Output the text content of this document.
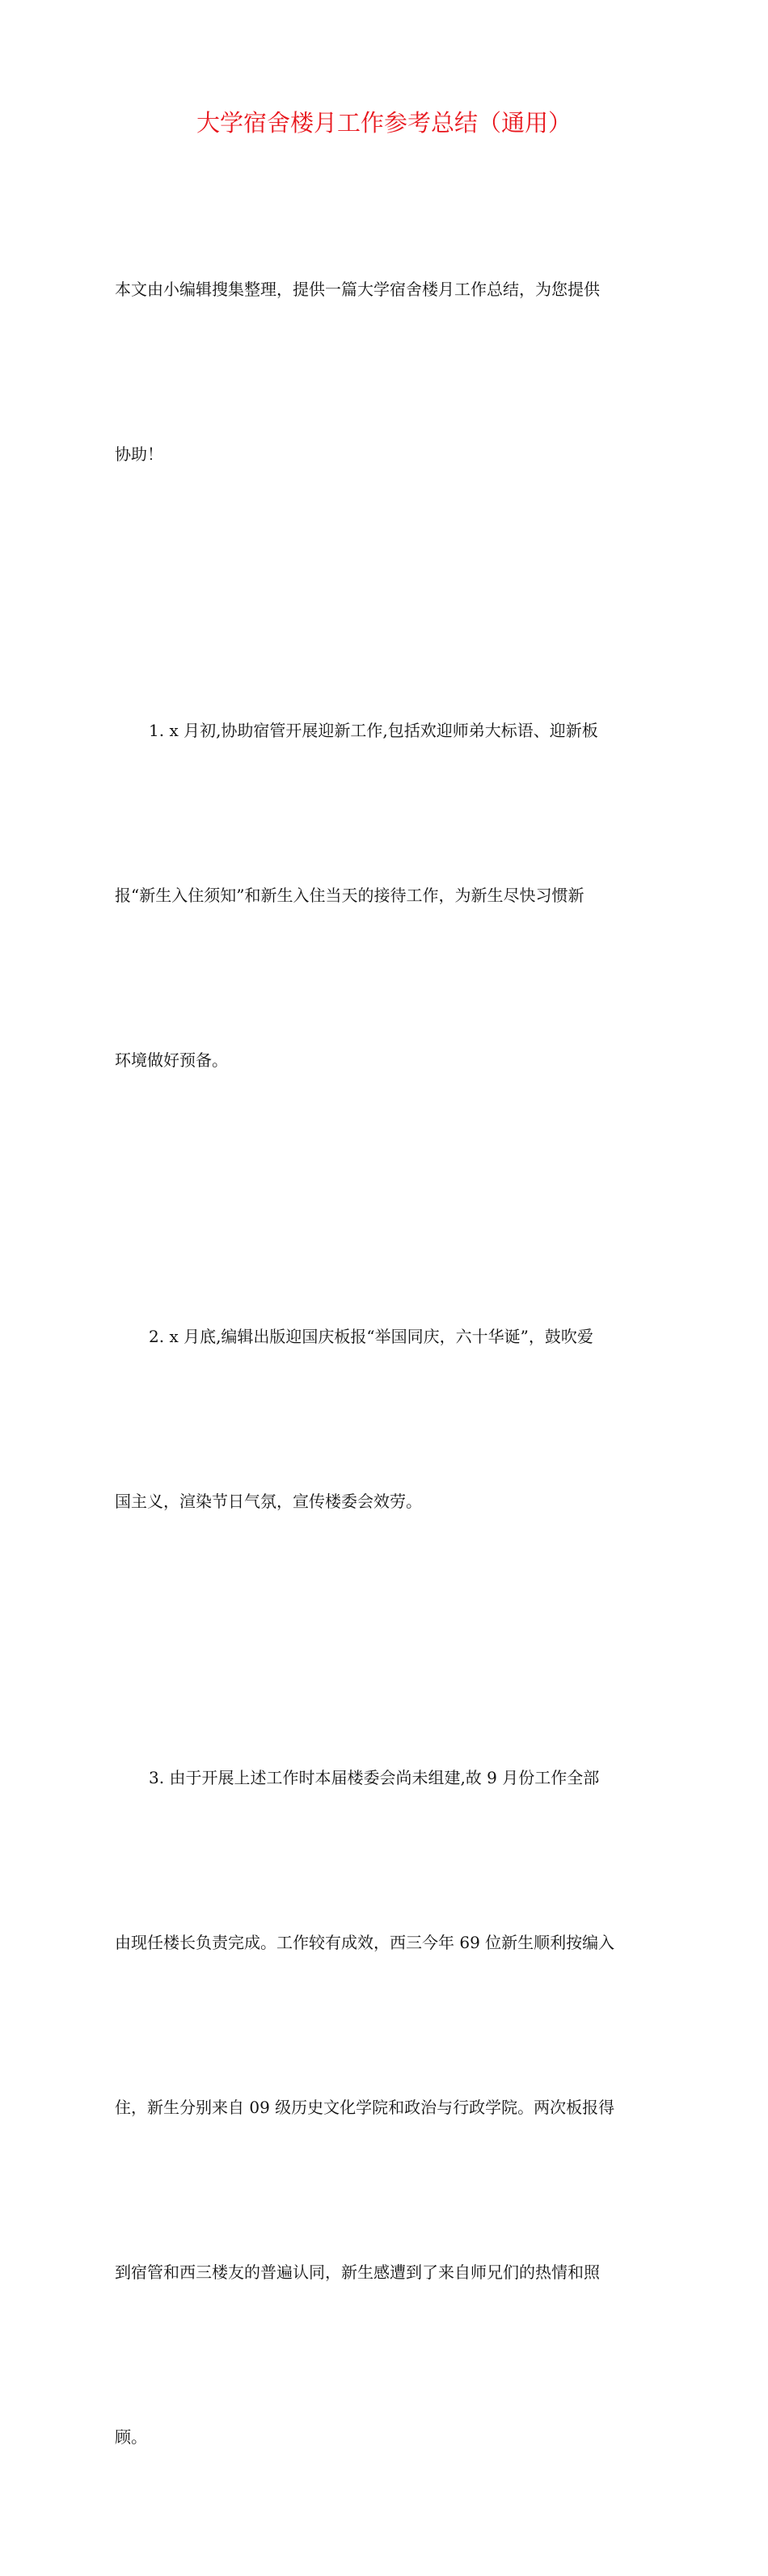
大学宿舍楼月工作参考总结（通用）

本文由小编辑搜集整理，提供一篇大学宿舍楼月工作总结，为您提供

协助！

1. x 月初,协助宿管开展迎新工作,包括欢迎师弟大标语、迎新板

报“新生入住须知”和新生入住当天的接待工作，为新生尽快习惯新

环境做好预备。

2. x 月底,编辑出版迎国庆板报“举国同庆，六十华诞”，鼓吹爱

国主义，渲染节日气氛，宣传楼委会效劳。

3. 由于开展上述工作时本届楼委会尚未组建,故 9 月份工作全部

由现任楼长负责完成。工作较有成效，西三今年 69 位新生顺利按编入

住，新生分别来自 09 级历史文化学院和政治与行政学院。两次板报得

到宿管和西三楼友的普遍认同，新生感遭到了来自师兄们的热情和照

顾。
